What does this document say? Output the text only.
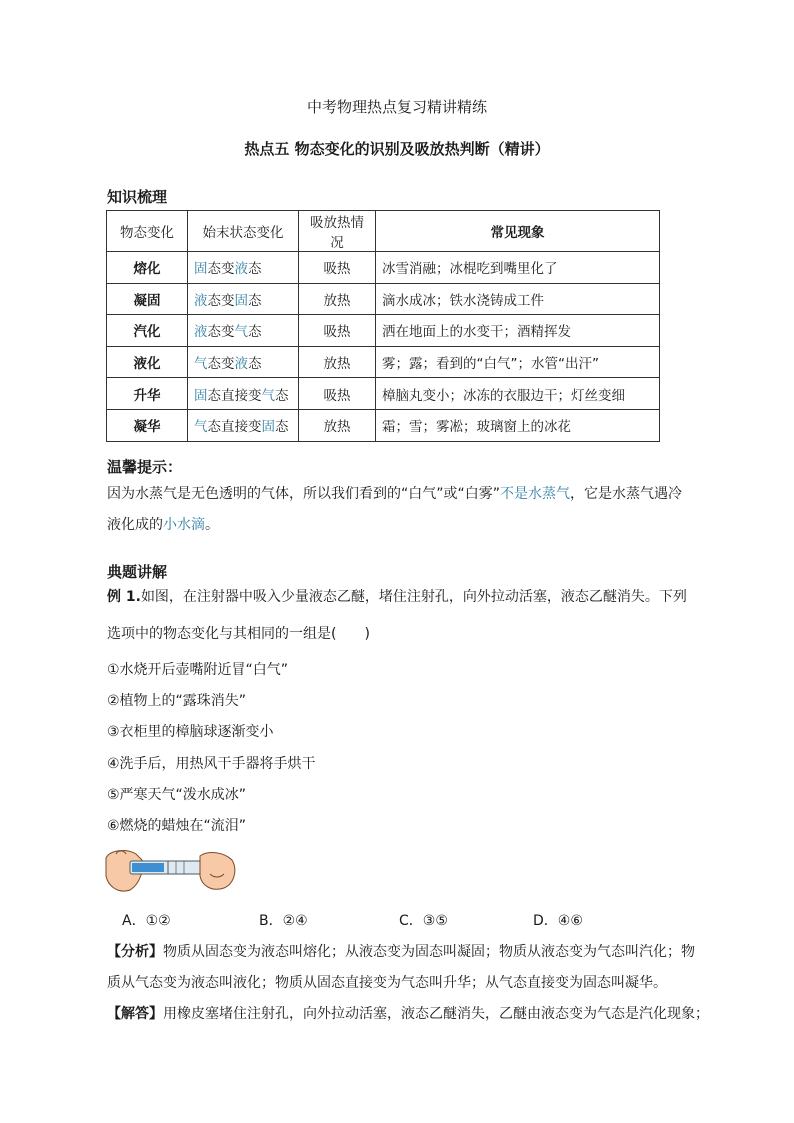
中考物理热点复习精讲精练
热点五 物态变化的识别及吸放热判断（精讲）
知识梳理
物态变化	始末状态变化	吸放热情况	常见现象
熔化	固态变液态	吸热	冰雪消融；冰棍吃到嘴里化了
凝固	液态变固态	放热	滴水成冰；铁水浇铸成工件
汽化	液态变气态	吸热	洒在地面上的水变干；酒精挥发
液化	气态变液态	放热	雾；露；看到的“白气”；水管“出汗”
升华	固态直接变气态	吸热	樟脑丸变小；冰冻的衣服边干；灯丝变细
凝华	气态直接变固态	放热	霜；雪；雾凇；玻璃窗上的冰花
温馨提示：
因为水蒸气是无色透明的气体，所以我们看到的“白气”或“白雾”不是水蒸气，它是水蒸气遇冷液化成的小水滴。
典题讲解
例 1.如图，在注射器中吸入少量液态乙醚，堵住注射孔，向外拉动活塞，液态乙醚消失。下列
选项中的物态变化与其相同的一组是(　　)
①水烧开后壶嘴附近冒“白气”
②植物上的“露珠消失”
③衣柜里的樟脑球逐渐变小
④洗手后，用热风干手器将手烘干
⑤严寒天气“泼水成冰”
⑥燃烧的蜡烛在“流泪”
A．①②	B．②④	C．③⑤	D．④⑥
【分析】物质从固态变为液态叫熔化；从液态变为固态叫凝固；物质从液态变为气态叫汽化；物
质从气态变为液态叫液化；物质从固态直接变为气态叫升华；从气态直接变为固态叫凝华。
【解答】用橡皮塞堵住注射孔，向外拉动活塞，液态乙醚消失，乙醚由液态变为气态是汽化现象；
